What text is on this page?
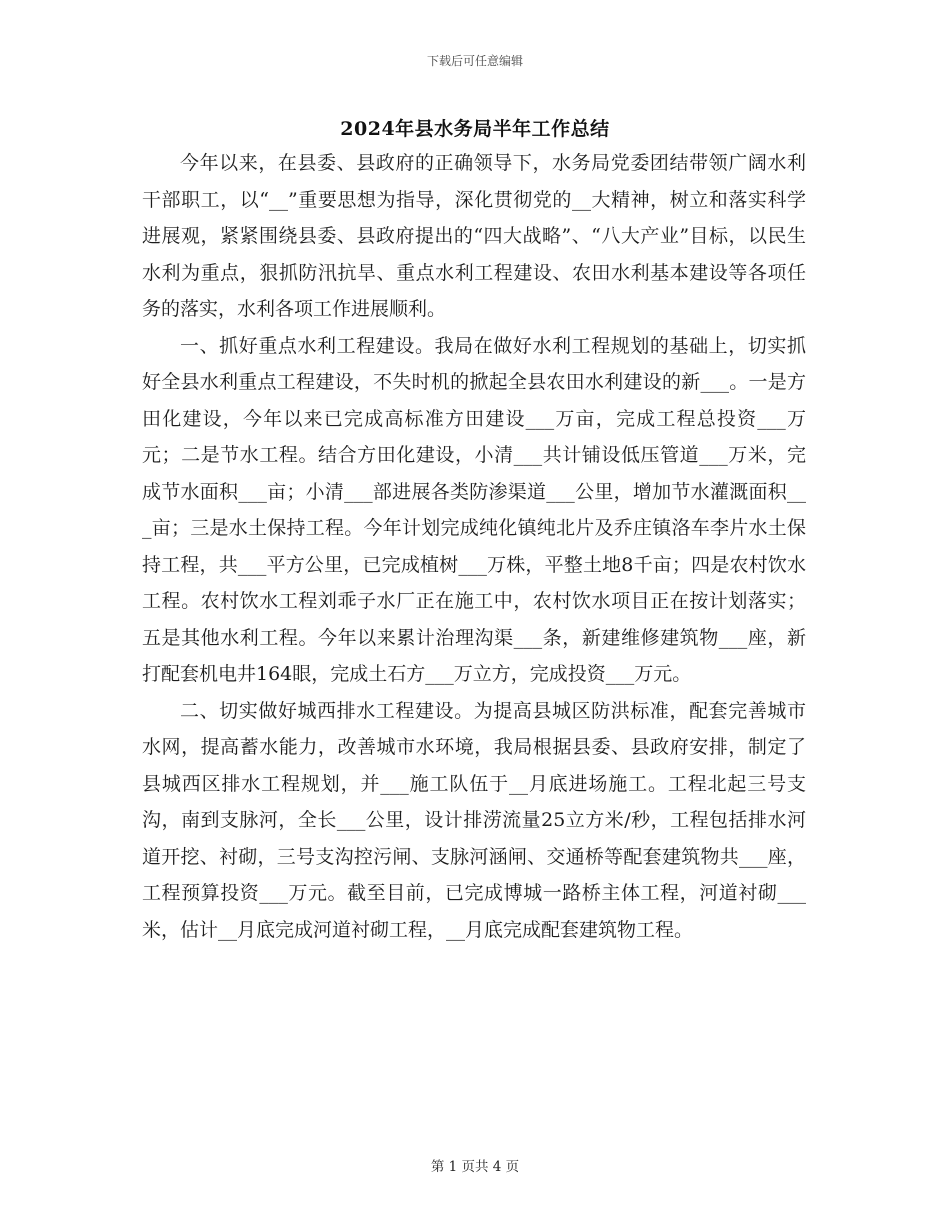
下载后可任意编辑
2024年县水务局半年工作总结

今年以来，在县委、县政府的正确领导下，水务局党委团结带领广阔水利干部职工，以“__”重要思想为指导，深化贯彻党的__大精神，树立和落实科学进展观，紧紧围绕县委、县政府提出的“四大战略”、“八大产业”目标，以民生水利为重点，狠抓防汛抗旱、重点水利工程建设、农田水利基本建设等各项任务的落实，水利各项工作进展顺利。

一、抓好重点水利工程建设。我局在做好水利工程规划的基础上，切实抓好全县水利重点工程建设，不失时机的掀起全县农田水利建设的新___。一是方田化建设，今年以来已完成高标准方田建设___万亩，完成工程总投资___万元；二是节水工程。结合方田化建设，小清___共计铺设低压管道___万米，完成节水面积___亩；小清___部进展各类防渗渠道___公里，增加节水灌溉面积___亩；三是水土保持工程。今年计划完成纯化镇纯北片及乔庄镇洛车李片水土保持工程，共___平方公里，已完成植树___万株，平整土地8千亩；四是农村饮水工程。农村饮水工程刘乖子水厂正在施工中，农村饮水项目正在按计划落实；五是其他水利工程。今年以来累计治理沟渠___条，新建维修建筑物___座，新打配套机电井164眼，完成土石方___万立方，完成投资___万元。

二、切实做好城西排水工程建设。为提高县城区防洪标准，配套完善城市水网，提高蓄水能力，改善城市水环境，我局根据县委、县政府安排，制定了县城西区排水工程规划，并___施工队伍于__月底进场施工。工程北起三号支沟，南到支脉河，全长___公里，设计排涝流量25立方米/秒，工程包括排水河道开挖、衬砌，三号支沟控污闸、支脉河涵闸、交通桥等配套建筑物共___座，工程预算投资___万元。截至目前，已完成博城一路桥主体工程，河道衬砌___米，估计__月底完成河道衬砌工程，__月底完成配套建筑物工程。

第 1 页共 4 页
